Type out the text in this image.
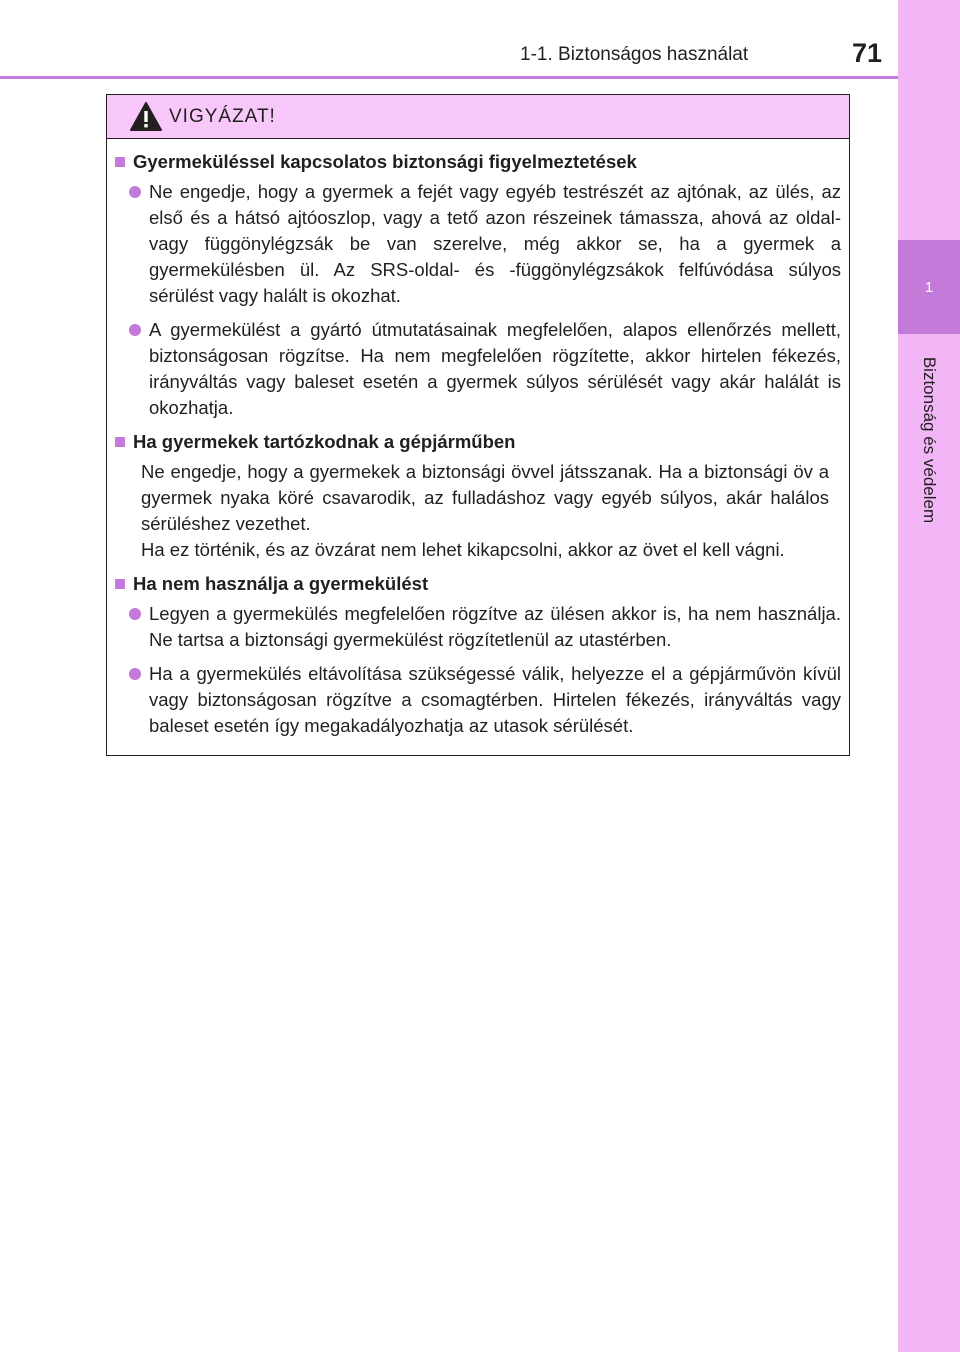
1-1. Biztonságos használat	71
1
Biztonság és védelem
VIGYÁZAT!
Gyermeküléssel kapcsolatos biztonsági figyelmeztetések
Ne engedje, hogy a gyermek a fejét vagy egyéb testrészét az ajtónak, az ülés, az első és a hátsó ajtóoszlop, vagy a tető azon részeinek támassza, ahová az oldal- vagy függönylégzsák be van szerelve, még akkor se, ha a gyermek a gyermekülésben ül. Az SRS-oldal- és -függönylégzsákok felfúvódása súlyos sérülést vagy halált is okozhat.
A gyermekülést a gyártó útmutatásainak megfelelően, alapos ellenőrzés mellett, biztonságosan rögzítse. Ha nem megfelelően rögzítette, akkor hirtelen fékezés, irányváltás vagy baleset esetén a gyermek súlyos sérülését vagy akár halálát is okozhatja.
Ha gyermekek tartózkodnak a gépjárműben
Ne engedje, hogy a gyermekek a biztonsági övvel játsszanak. Ha a biztonsági öv a gyermek nyaka köré csavarodik, az fulladáshoz vagy egyéb súlyos, akár halálos sérüléshez vezethet.
Ha ez történik, és az övzárat nem lehet kikapcsolni, akkor az övet el kell vágni.
Ha nem használja a gyermekülést
Legyen a gyermekülés megfelelően rögzítve az ülésen akkor is, ha nem használja. Ne tartsa a biztonsági gyermekülést rögzítetlenül az utastérben.
Ha a gyermekülés eltávolítása szükségessé válik, helyezze el a gépjárművön kívül vagy biztonságosan rögzítve a csomagtérben. Hirtelen fékezés, irányváltás vagy baleset esetén így megakadályozhatja az utasok sérülését.
